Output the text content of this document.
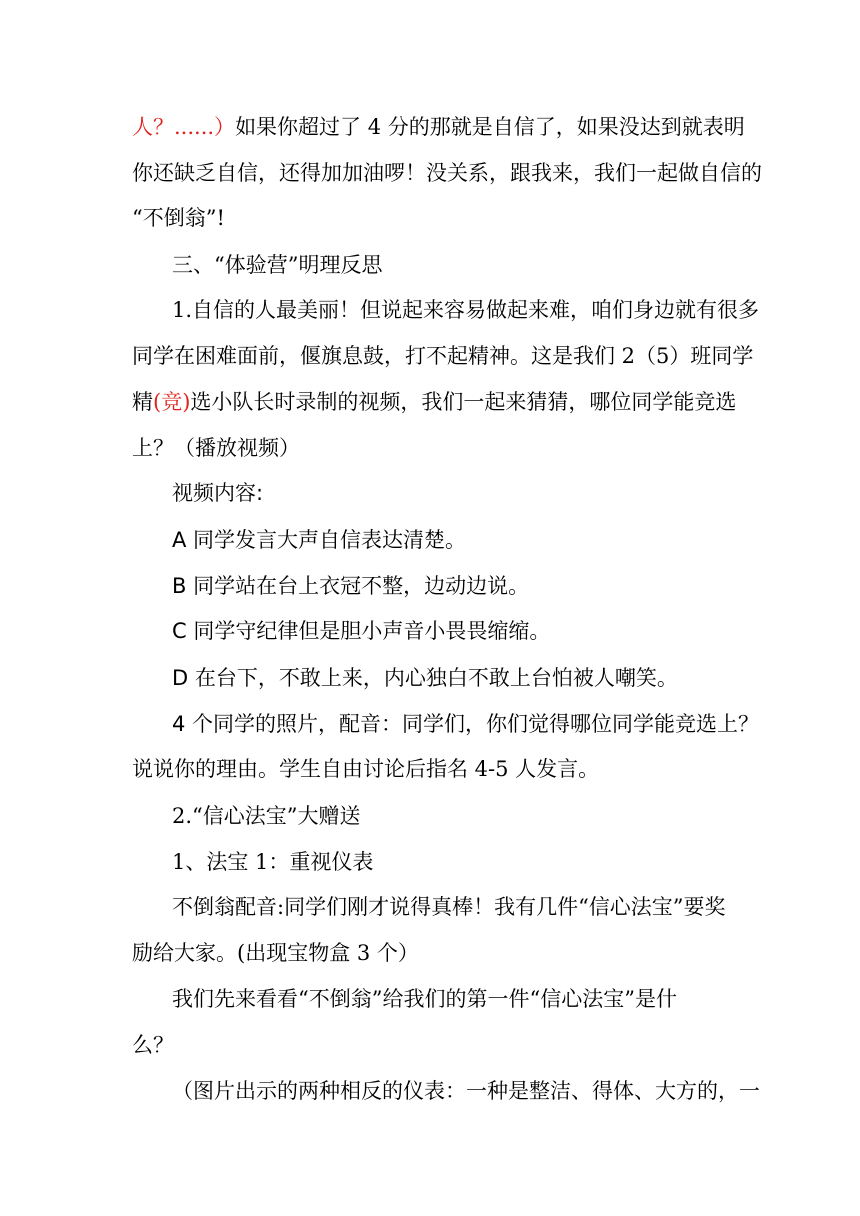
人？......）如果你超过了 4 分的那就是自信了，如果没达到就表明
你还缺乏自信，还得加加油啰！没关系，跟我来，我们一起做自信的
“不倒翁”!
三、“体验营”明理反思
1.自信的人最美丽！但说起来容易做起来难，咱们身边就有很多
同学在困难面前，偃旗息鼓，打不起精神。这是我们 2（5）班同学
精(竞)选小队长时录制的视频，我们一起来猜猜，哪位同学能竞选
上？（播放视频）
视频内容:
A 同学发言大声自信表达清楚。
B 同学站在台上衣冠不整，边动边说。
C 同学守纪律但是胆小声音小畏畏缩缩。
D 在台下，不敢上来，内心独白不敢上台怕被人嘲笑。
4 个同学的照片，配音：同学们，你们觉得哪位同学能竞选上？
说说你的理由。学生自由讨论后指名 4-5 人发言。
2.“信心法宝”大赠送
1、法宝 1：重视仪表
不倒翁配音:同学们刚才说得真棒！我有几件“信心法宝”要奖
励给大家。(出现宝物盒 3 个）
我们先来看看“不倒翁”给我们的第一件“信心法宝”是什
么？
（图片出示的两种相反的仪表：一种是整洁、得体、大方的，一
